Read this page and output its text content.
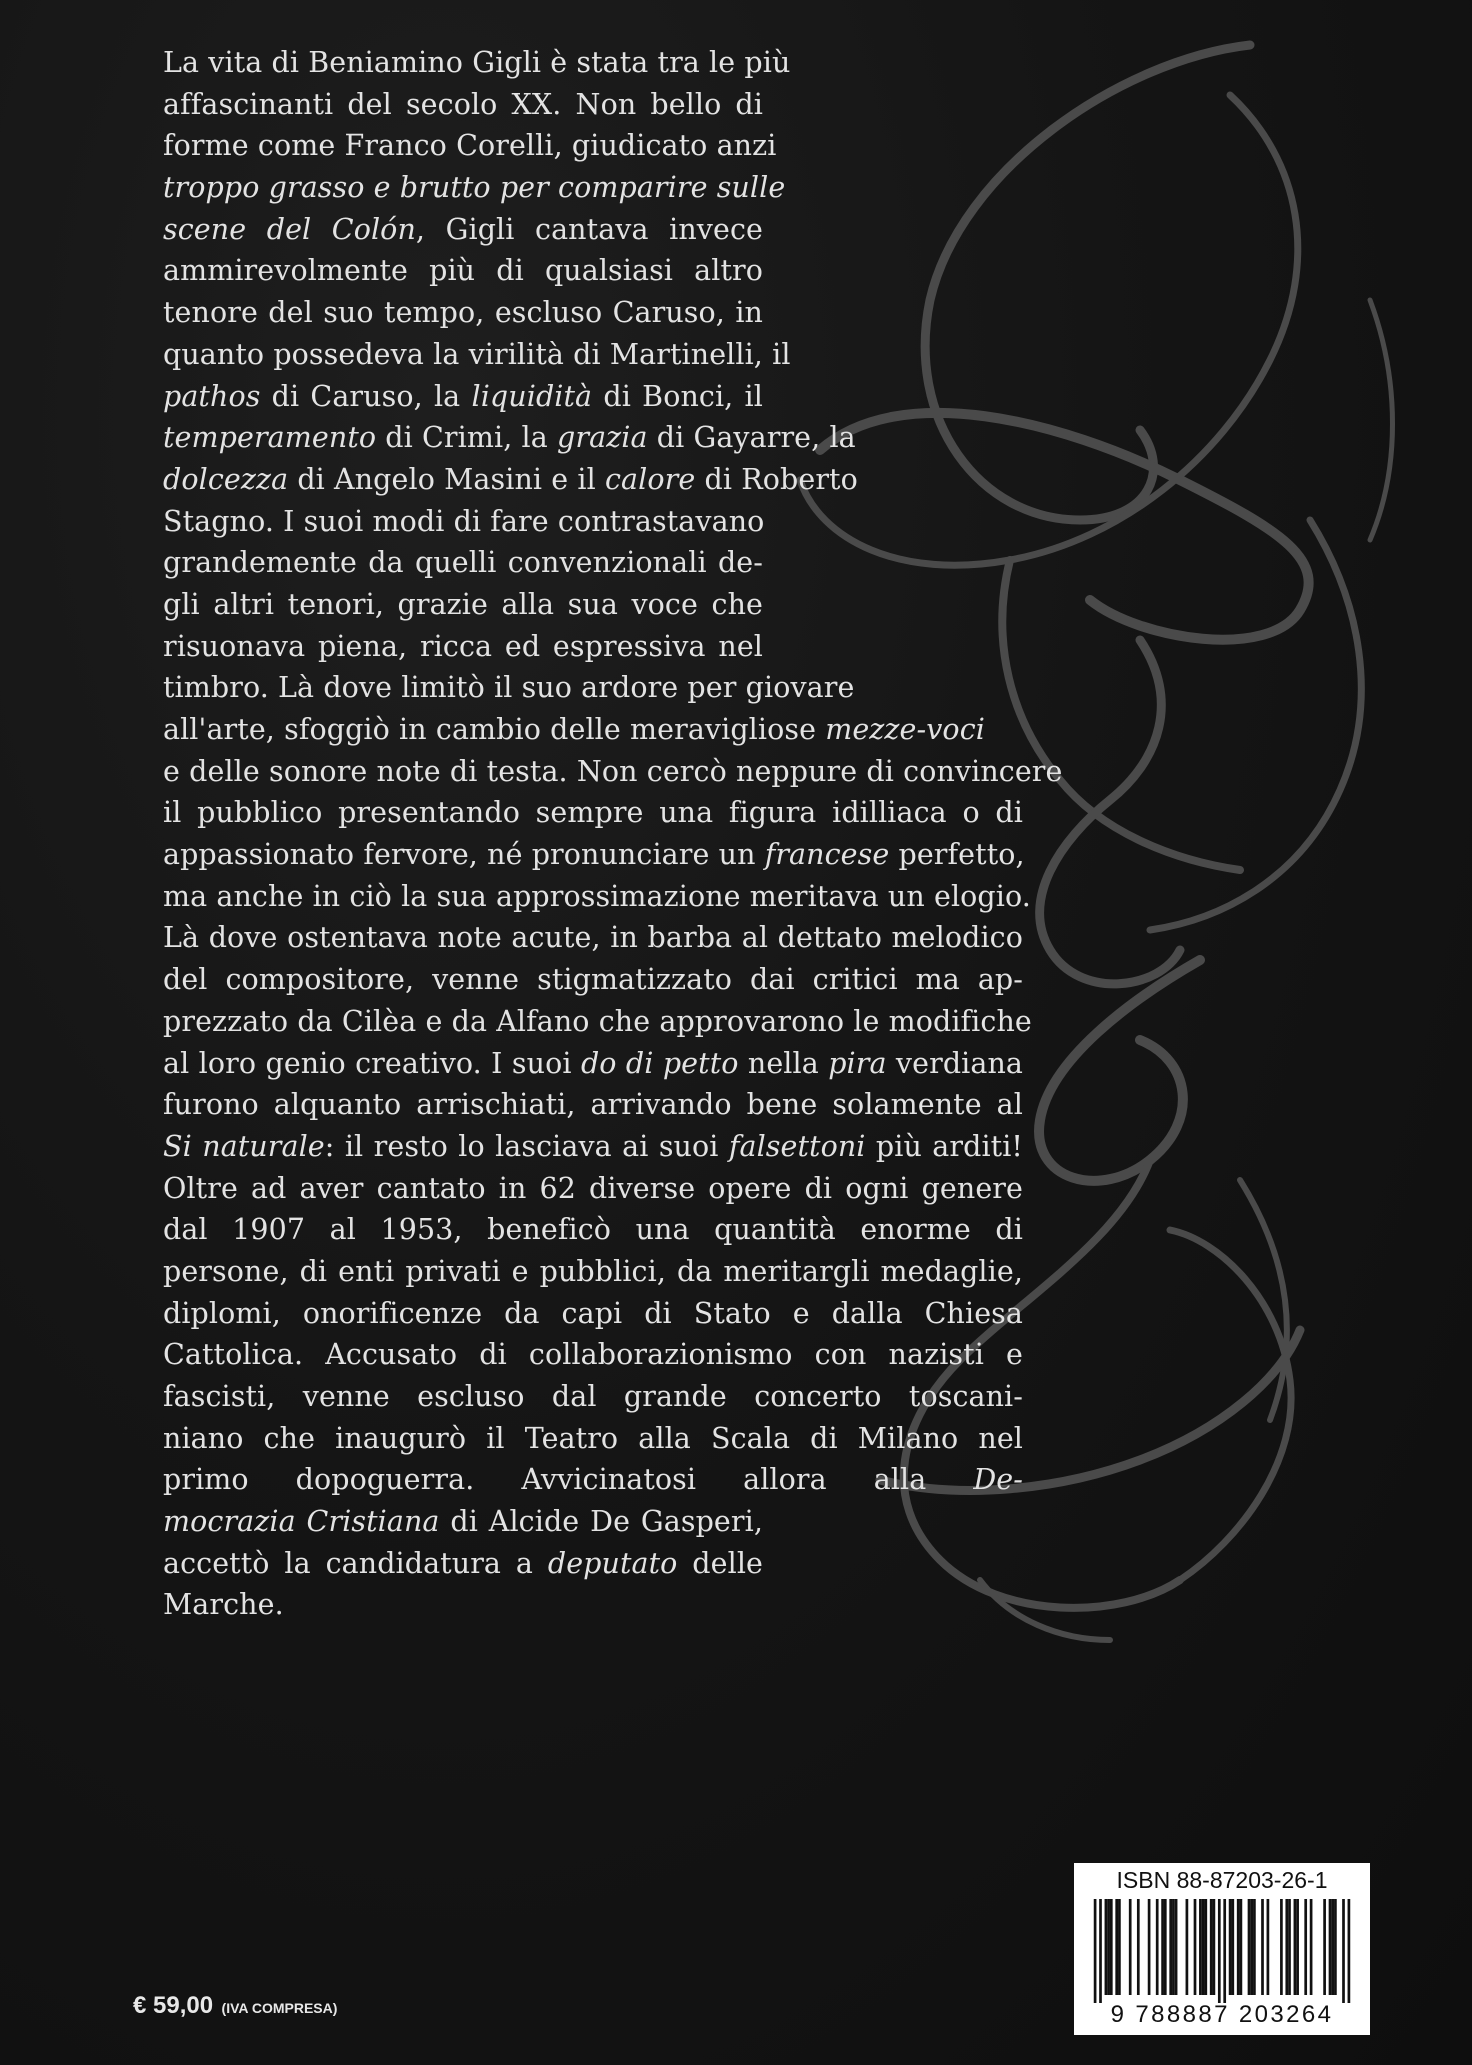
La vita di Beniamino Gigli è stata tra le più
affascinanti del secolo XX. Non bello di
forme come Franco Corelli, giudicato anzi
troppo grasso e brutto per comparire sulle
scene del Colón, Gigli cantava invece
ammirevolmente più di qualsiasi altro
tenore del suo tempo, escluso Caruso, in
quanto possedeva la virilità di Martinelli, il
pathos di Caruso, la liquidità di Bonci, il
temperamento di Crimi, la grazia di Gayarre, la
dolcezza di Angelo Masini e il calore di Roberto
Stagno. I suoi modi di fare contrastavano
grandemente da quelli convenzionali de-
gli altri tenori, grazie alla sua voce che
risuonava piena, ricca ed espressiva nel
timbro. Là dove limitò il suo ardore per giovare
all'arte, sfoggiò in cambio delle meravigliose mezze-voci
e delle sonore note di testa. Non cercò neppure di convincere
il pubblico presentando sempre una figura idilliaca o di
appassionato fervore, né pronunciare un francese perfetto,
ma anche in ciò la sua approssimazione meritava un elogio.
Là dove ostentava note acute, in barba al dettato melodico
del compositore, venne stigmatizzato dai critici ma ap-
prezzato da Cilèa e da Alfano che approvarono le modifiche
al loro genio creativo. I suoi do di petto nella pira verdiana
furono alquanto arrischiati, arrivando bene solamente al
Si naturale: il resto lo lasciava ai suoi falsettoni più arditi!
Oltre ad aver cantato in 62 diverse opere di ogni genere
dal 1907 al 1953, beneficò una quantità enorme di
persone, di enti privati e pubblici, da meritargli medaglie,
diplomi, onorificenze da capi di Stato e dalla Chiesa
Cattolica. Accusato di collaborazionismo con nazisti e
fascisti, venne escluso dal grande concerto toscani-
niano che inaugurò il Teatro alla Scala di Milano nel
primo dopoguerra. Avvicinatosi allora alla De-
mocrazia Cristiana di Alcide De Gasperi,
accettò la candidatura a deputato delle
Marche.
€ 59,00 (IVA COMPRESA)
ISBN 88-87203-26-1
9 788887 203264
